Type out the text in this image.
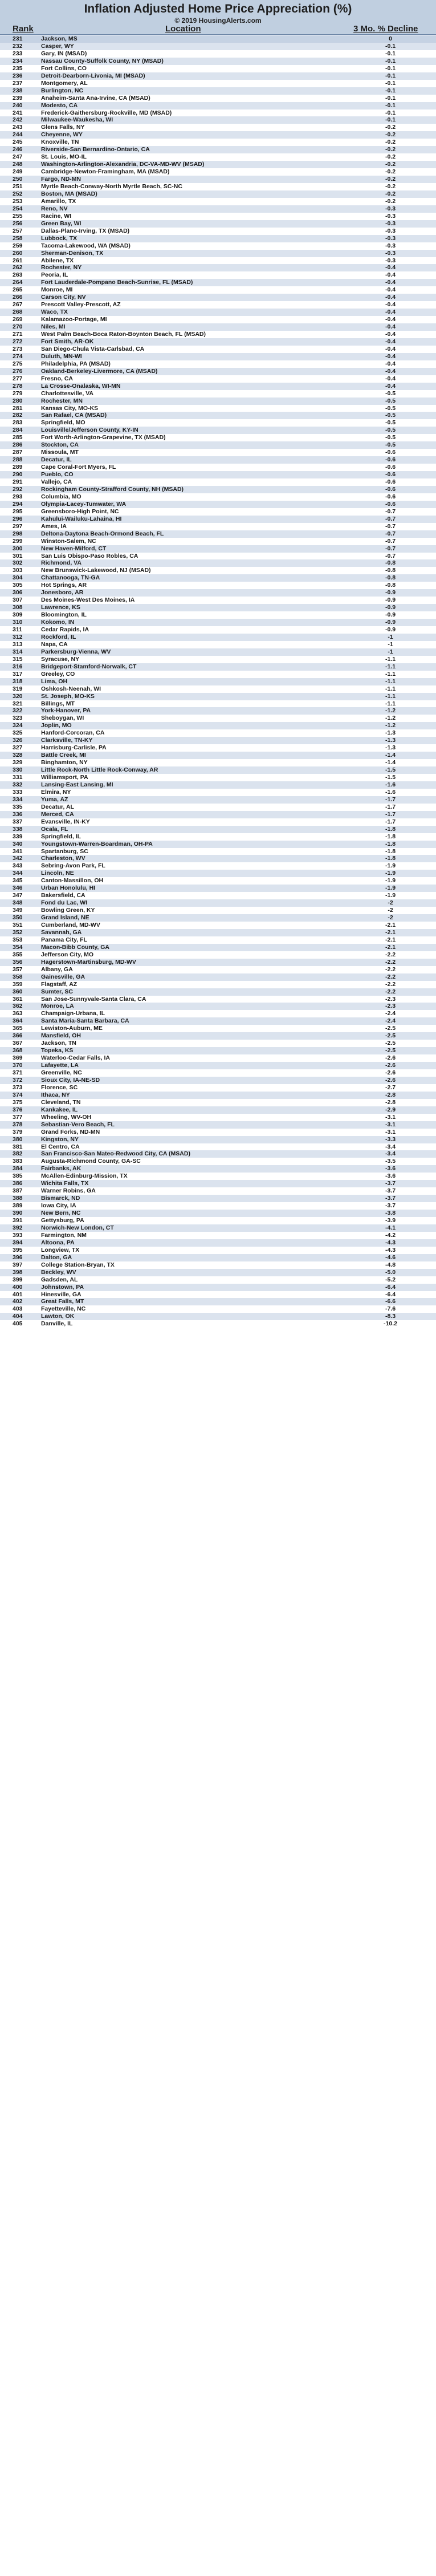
Inflation Adjusted Home Price Appreciation (%)
© 2019 HousingAlerts.com
Rank	Location	3 Mo. % Decline
231	Jackson, MS	0
232	Casper, WY	-0.1
233	Gary, IN (MSAD)	-0.1
234	Nassau County-Suffolk County, NY (MSAD)	-0.1
235	Fort Collins, CO	-0.1
236	Detroit-Dearborn-Livonia, MI (MSAD)	-0.1
237	Montgomery, AL	-0.1
238	Burlington, NC	-0.1
239	Anaheim-Santa Ana-Irvine, CA (MSAD)	-0.1
240	Modesto, CA	-0.1
241	Frederick-Gaithersburg-Rockville, MD (MSAD)	-0.1
242	Milwaukee-Waukesha, WI	-0.1
243	Glens Falls, NY	-0.2
244	Cheyenne, WY	-0.2
245	Knoxville, TN	-0.2
246	Riverside-San Bernardino-Ontario, CA	-0.2
247	St. Louis, MO-IL	-0.2
248	Washington-Arlington-Alexandria, DC-VA-MD-WV (MSAD)	-0.2
249	Cambridge-Newton-Framingham, MA (MSAD)	-0.2
250	Fargo, ND-MN	-0.2
251	Myrtle Beach-Conway-North Myrtle Beach, SC-NC	-0.2
252	Boston, MA (MSAD)	-0.2
253	Amarillo, TX	-0.2
254	Reno, NV	-0.3
255	Racine, WI	-0.3
256	Green Bay, WI	-0.3
257	Dallas-Plano-Irving, TX (MSAD)	-0.3
258	Lubbock, TX	-0.3
259	Tacoma-Lakewood, WA (MSAD)	-0.3
260	Sherman-Denison, TX	-0.3
261	Abilene, TX	-0.3
262	Rochester, NY	-0.4
263	Peoria, IL	-0.4
264	Fort Lauderdale-Pompano Beach-Sunrise, FL (MSAD)	-0.4
265	Monroe, MI	-0.4
266	Carson City, NV	-0.4
267	Prescott Valley-Prescott, AZ	-0.4
268	Waco, TX	-0.4
269	Kalamazoo-Portage, MI	-0.4
270	Niles, MI	-0.4
271	West Palm Beach-Boca Raton-Boynton Beach, FL (MSAD)	-0.4
272	Fort Smith, AR-OK	-0.4
273	San Diego-Chula Vista-Carlsbad, CA	-0.4
274	Duluth, MN-WI	-0.4
275	Philadelphia, PA (MSAD)	-0.4
276	Oakland-Berkeley-Livermore, CA (MSAD)	-0.4
277	Fresno, CA	-0.4
278	La Crosse-Onalaska, WI-MN	-0.4
279	Charlottesville, VA	-0.5
280	Rochester, MN	-0.5
281	Kansas City, MO-KS	-0.5
282	San Rafael, CA (MSAD)	-0.5
283	Springfield, MO	-0.5
284	Louisville/Jefferson County, KY-IN	-0.5
285	Fort Worth-Arlington-Grapevine, TX (MSAD)	-0.5
286	Stockton, CA	-0.5
287	Missoula, MT	-0.6
288	Decatur, IL	-0.6
289	Cape Coral-Fort Myers, FL	-0.6
290	Pueblo, CO	-0.6
291	Vallejo, CA	-0.6
292	Rockingham County-Strafford County, NH (MSAD)	-0.6
293	Columbia, MO	-0.6
294	Olympia-Lacey-Tumwater, WA	-0.6
295	Greensboro-High Point, NC	-0.7
296	Kahului-Wailuku-Lahaina, HI	-0.7
297	Ames, IA	-0.7
298	Deltona-Daytona Beach-Ormond Beach, FL	-0.7
299	Winston-Salem, NC	-0.7
300	New Haven-Milford, CT	-0.7
301	San Luis Obispo-Paso Robles, CA	-0.7
302	Richmond, VA	-0.8
303	New Brunswick-Lakewood, NJ (MSAD)	-0.8
304	Chattanooga, TN-GA	-0.8
305	Hot Springs, AR	-0.8
306	Jonesboro, AR	-0.9
307	Des Moines-West Des Moines, IA	-0.9
308	Lawrence, KS	-0.9
309	Bloomington, IL	-0.9
310	Kokomo, IN	-0.9
311	Cedar Rapids, IA	-0.9
312	Rockford, IL	-1
313	Napa, CA	-1
314	Parkersburg-Vienna, WV	-1
315	Syracuse, NY	-1.1
316	Bridgeport-Stamford-Norwalk, CT	-1.1
317	Greeley, CO	-1.1
318	Lima, OH	-1.1
319	Oshkosh-Neenah, WI	-1.1
320	St. Joseph, MO-KS	-1.1
321	Billings, MT	-1.1
322	York-Hanover, PA	-1.2
323	Sheboygan, WI	-1.2
324	Joplin, MO	-1.2
325	Hanford-Corcoran, CA	-1.3
326	Clarksville, TN-KY	-1.3
327	Harrisburg-Carlisle, PA	-1.3
328	Battle Creek, MI	-1.4
329	Binghamton, NY	-1.4
330	Little Rock-North Little Rock-Conway, AR	-1.5
331	Williamsport, PA	-1.5
332	Lansing-East Lansing, MI	-1.6
333	Elmira, NY	-1.6
334	Yuma, AZ	-1.7
335	Decatur, AL	-1.7
336	Merced, CA	-1.7
337	Evansville, IN-KY	-1.7
338	Ocala, FL	-1.8
339	Springfield, IL	-1.8
340	Youngstown-Warren-Boardman, OH-PA	-1.8
341	Spartanburg, SC	-1.8
342	Charleston, WV	-1.8
343	Sebring-Avon Park, FL	-1.9
344	Lincoln, NE	-1.9
345	Canton-Massillon, OH	-1.9
346	Urban Honolulu, HI	-1.9
347	Bakersfield, CA	-1.9
348	Fond du Lac, WI	-2
349	Bowling Green, KY	-2
350	Grand Island, NE	-2
351	Cumberland, MD-WV	-2.1
352	Savannah, GA	-2.1
353	Panama City, FL	-2.1
354	Macon-Bibb County, GA	-2.1
355	Jefferson City, MO	-2.2
356	Hagerstown-Martinsburg, MD-WV	-2.2
357	Albany, GA	-2.2
358	Gainesville, GA	-2.2
359	Flagstaff, AZ	-2.2
360	Sumter, SC	-2.2
361	San Jose-Sunnyvale-Santa Clara, CA	-2.3
362	Monroe, LA	-2.3
363	Champaign-Urbana, IL	-2.4
364	Santa Maria-Santa Barbara, CA	-2.4
365	Lewiston-Auburn, ME	-2.5
366	Mansfield, OH	-2.5
367	Jackson, TN	-2.5
368	Topeka, KS	-2.5
369	Waterloo-Cedar Falls, IA	-2.6
370	Lafayette, LA	-2.6
371	Greenville, NC	-2.6
372	Sioux City, IA-NE-SD	-2.6
373	Florence, SC	-2.7
374	Ithaca, NY	-2.8
375	Cleveland, TN	-2.8
376	Kankakee, IL	-2.9
377	Wheeling, WV-OH	-3.1
378	Sebastian-Vero Beach, FL	-3.1
379	Grand Forks, ND-MN	-3.1
380	Kingston, NY	-3.3
381	El Centro, CA	-3.4
382	San Francisco-San Mateo-Redwood City, CA (MSAD)	-3.4
383	Augusta-Richmond County, GA-SC	-3.5
384	Fairbanks, AK	-3.6
385	McAllen-Edinburg-Mission, TX	-3.6
386	Wichita Falls, TX	-3.7
387	Warner Robins, GA	-3.7
388	Bismarck, ND	-3.7
389	Iowa City, IA	-3.7
390	New Bern, NC	-3.8
391	Gettysburg, PA	-3.9
392	Norwich-New London, CT	-4.1
393	Farmington, NM	-4.2
394	Altoona, PA	-4.3
395	Longview, TX	-4.3
396	Dalton, GA	-4.6
397	College Station-Bryan, TX	-4.8
398	Beckley, WV	-5.0
399	Gadsden, AL	-5.2
400	Johnstown, PA	-6.4
401	Hinesville, GA	-6.4
402	Great Falls, MT	-6.6
403	Fayetteville, NC	-7.6
404	Lawton, OK	-8.3
405	Danville, IL	-10.2
